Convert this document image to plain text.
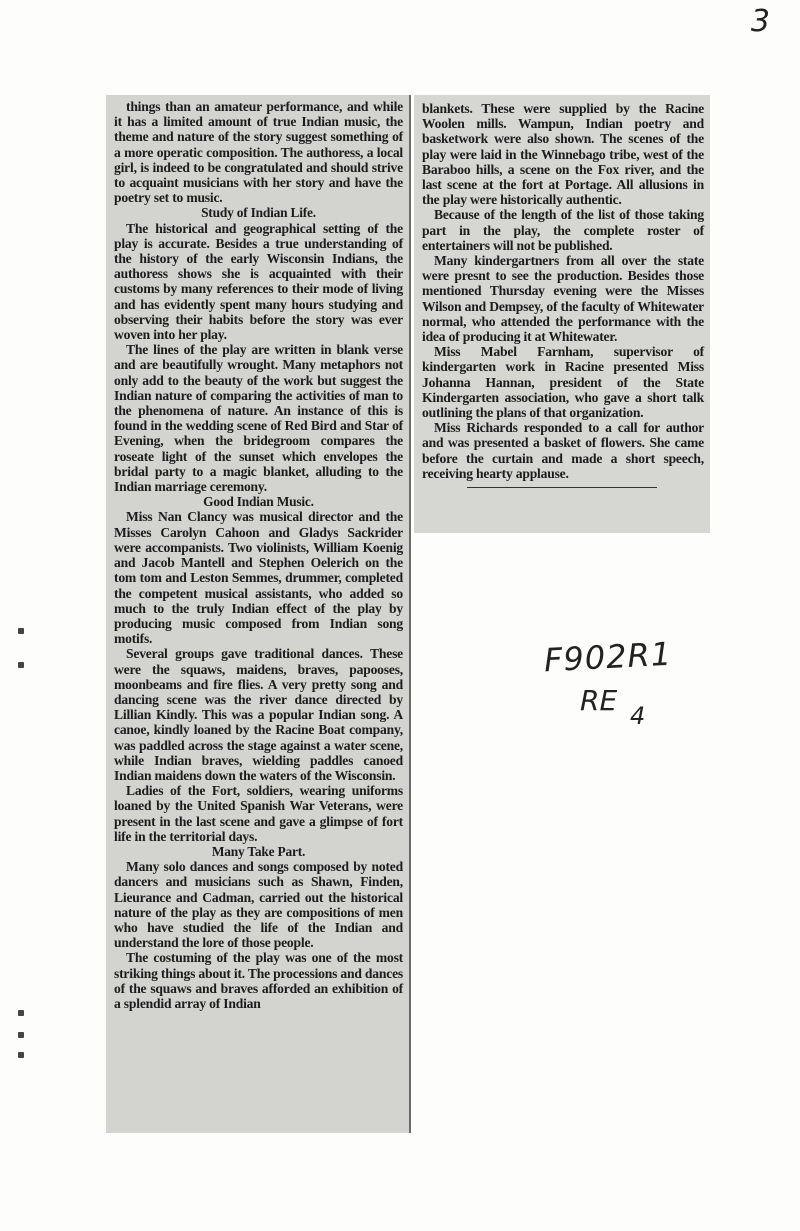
3

things than an amateur performance, and while it has a limited amount of true Indian music, the theme and nature of the story suggest something of a more operatic composition. The authoress, a local girl, is indeed to be congratulated and should strive to acquaint musicians with her story and have the poetry set to music.

Study of Indian Life.

The historical and geographical setting of the play is accurate. Besides a true understanding of the history of the early Wisconsin Indians, the authoress shows she is acquainted with their customs by many references to their mode of living and has evidently spent many hours studying and observing their habits before the story was ever woven into her play.

The lines of the play are written in blank verse and are beautifully wrought. Many metaphors not only add to the beauty of the work but suggest the Indian nature of comparing the activities of man to the phenomena of nature. An instance of this is found in the wedding scene of Red Bird and Star of Evening, when the bridegroom compares the roseate light of the sunset which envelopes the bridal party to a magic blanket, alluding to the Indian marriage ceremony.

Good Indian Music.

Miss Nan Clancy was musical director and the Misses Carolyn Cahoon and Gladys Sackrider were accompanists. Two violinists, William Koenig and Jacob Mantell and Stephen Oelerich on the tom tom and Leston Semmes, drummer, completed the competent musical assistants, who added so much to the truly Indian effect of the play by producing music composed from Indian song motifs.

Several groups gave traditional dances. These were the squaws, maidens, braves, papooses, moonbeams and fire flies. A very pretty song and dancing scene was the river dance directed by Lillian Kindly. This was a popular Indian song. A canoe, kindly loaned by the Racine Boat company, was paddled across the stage against a water scene, while Indian braves, wielding paddles canoed Indian maidens down the waters of the Wisconsin.

Ladies of the Fort, soldiers, wearing uniforms loaned by the United Spanish War Veterans, were present in the last scene and gave a glimpse of fort life in the territorial days.

Many Take Part.

Many solo dances and songs composed by noted dancers and musicians such as Shawn, Finden, Lieurance and Cadman, carried out the historical nature of the play as they are compositions of men who have studied the life of the Indian and understand the lore of those people.

The costuming of the play was one of the most striking things about it. The processions and dances of the squaws and braves afforded an exhibition of a splendid array of Indian

blankets. These were supplied by the Racine Woolen mills. Wampun, Indian poetry and basketwork were also shown. The scenes of the play were laid in the Winnebago tribe, west of the Baraboo hills, a scene on the Fox river, and the last scene at the fort at Portage. All allusions in the play were historically authentic.

Because of the length of the list of those taking part in the play, the complete roster of entertainers will not be published.

Many kindergartners from all over the state were presnt to see the production. Besides those mentioned Thursday evening were the Misses Wilson and Dempsey, of the faculty of Whitewater normal, who attended the performance with the idea of producing it at Whitewater.

Miss Mabel Farnham, supervisor of kindergarten work in Racine presented Miss Johanna Hannan, president of the State Kindergarten association, who gave a short talk outlining the plans of that organization.

Miss Richards responded to a call for author and was presented a basket of flowers. She came before the curtain and made a short speech, receiving hearty applause.

F902R1
RE 4
